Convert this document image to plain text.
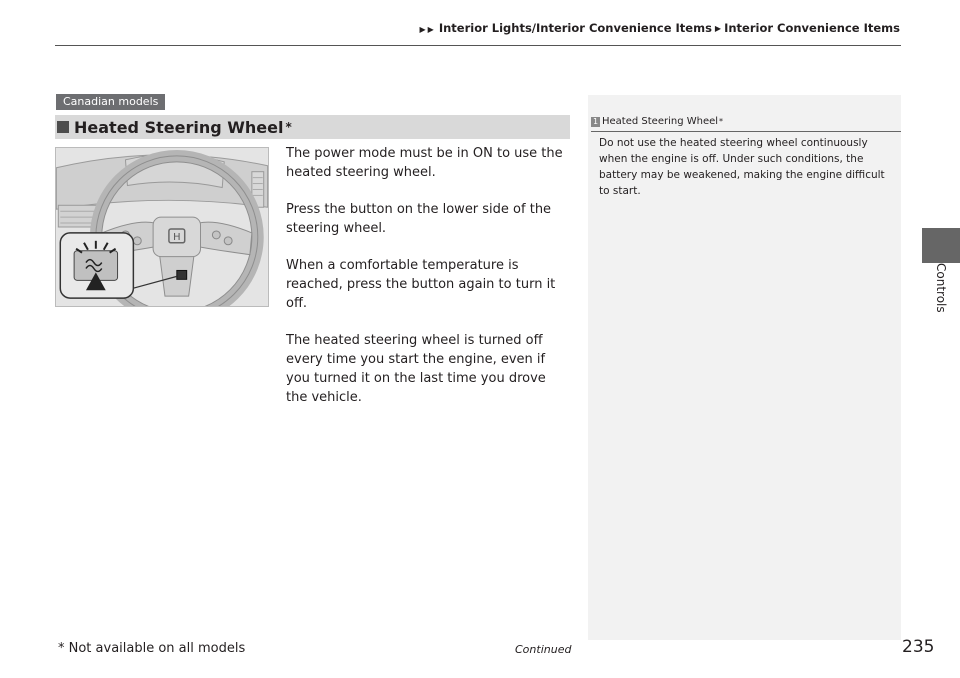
▶ ▶ Interior Lights/Interior Convenience Items ▶ Interior Convenience Items
Controls
Canadian models
Heated Steering Wheel *
H

The power mode must be in ON to use the heated steering wheel.

Press the button on the lower side of the steering wheel.

When a comfortable temperature is reached, press the button again to turn it off.

The heated steering wheel is turned off every time you start the engine, even if you turned it on the last time you drove the vehicle.

1 Heated Steering Wheel *

Do not use the heated steering wheel continuously when the engine is off. Under such conditions, the battery may be weakened, making the engine difficult to start.

* Not available on all models	Continued	235
